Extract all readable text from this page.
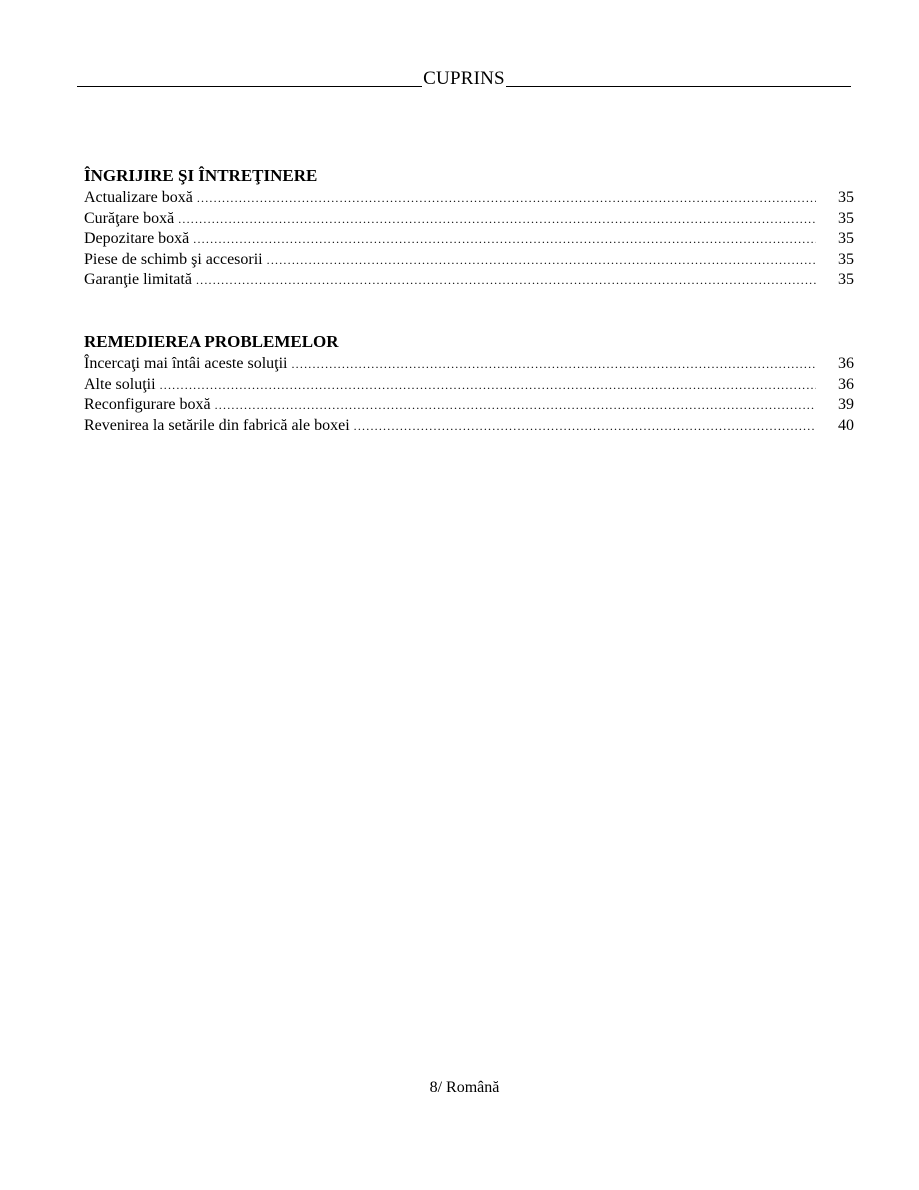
CUPRINS
ÎNGRIJIRE ŞI ÎNTREŢINERE
Actualizare boxă .....	35
Curăţare boxă .....	35
Depozitare boxă .....	35
Piese de schimb şi accesorii .....	35
Garanţie limitată .....	35
REMEDIEREA PROBLEMELOR
Încercaţi mai întâi aceste soluţii .....	36
Alte soluţii .....	36
Reconfigurare boxă .....	39
Revenirea la setările din fabrică ale boxei .....	40
8/ Română
